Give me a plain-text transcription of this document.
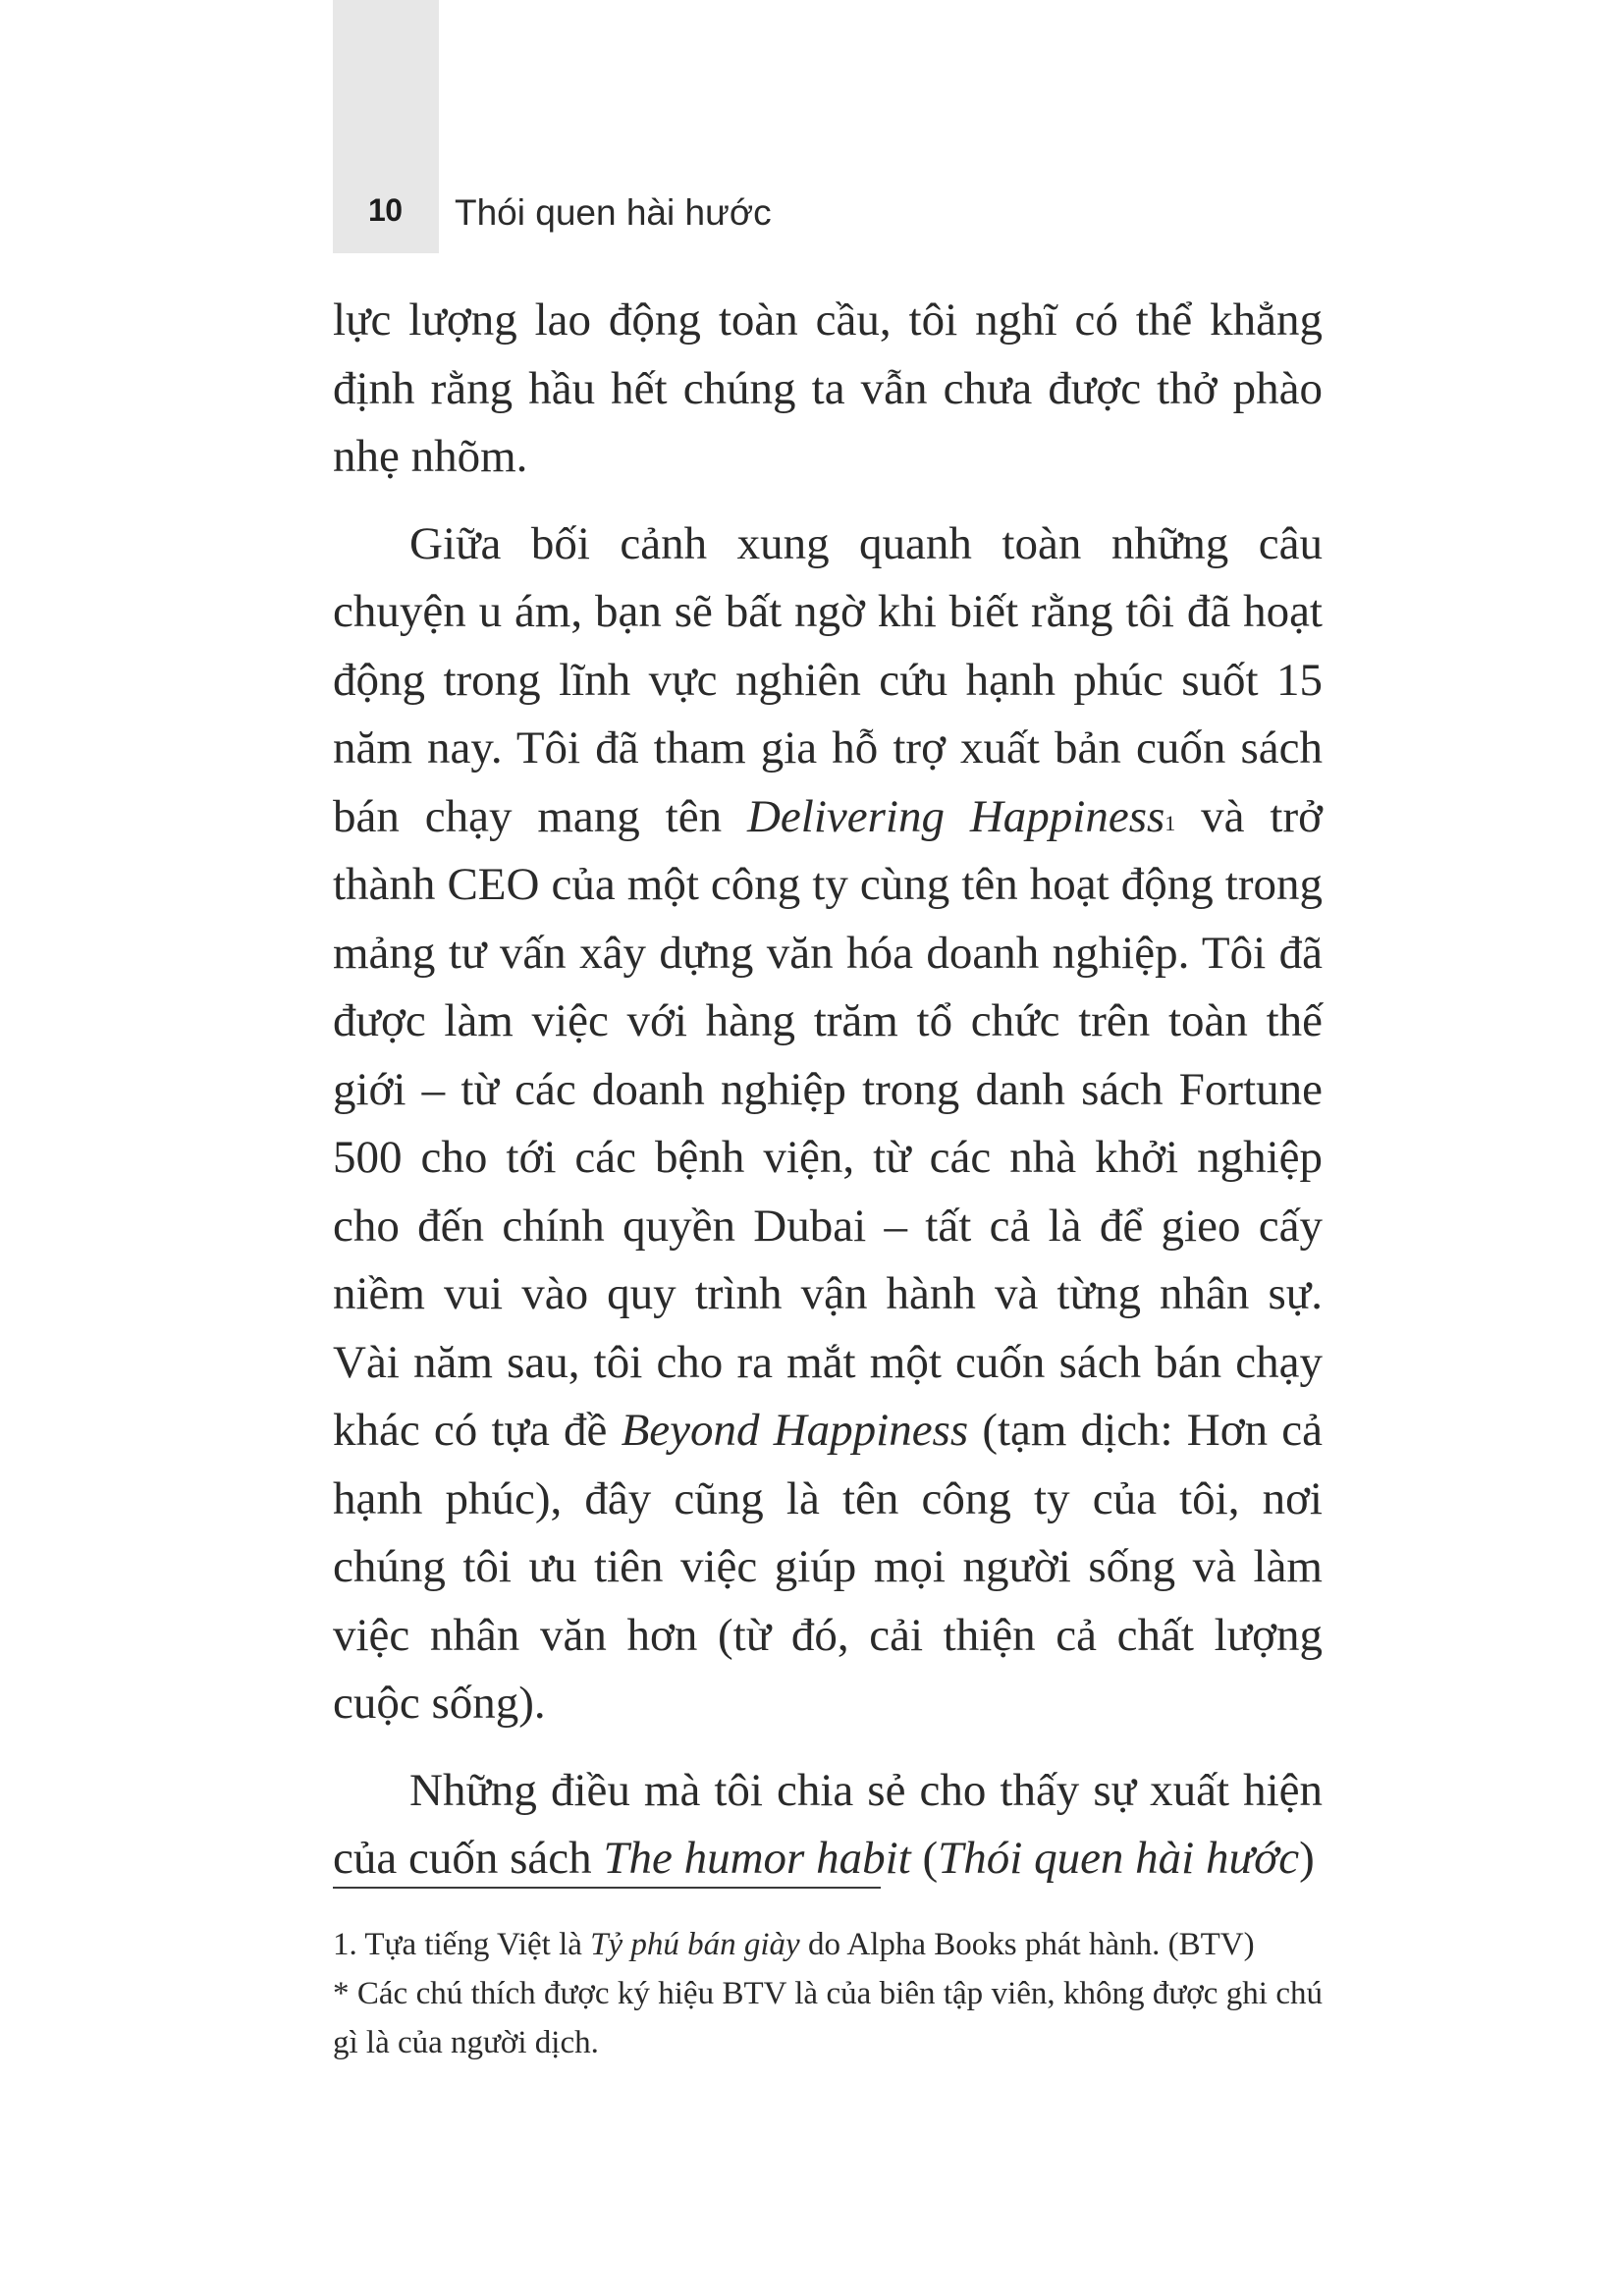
10 Thói quen hài hước

lực lượng lao động toàn cầu, tôi nghĩ có thể khẳng định rằng hầu hết chúng ta vẫn chưa được thở phào nhẹ nhõm.

Giữa bối cảnh xung quanh toàn những câu chuyện u ám, bạn sẽ bất ngờ khi biết rằng tôi đã hoạt động trong lĩnh vực nghiên cứu hạnh phúc suốt 15 năm nay. Tôi đã tham gia hỗ trợ xuất bản cuốn sách bán chạy mang tên Delivering Happiness$^1$ và trở thành CEO của một công ty cùng tên hoạt động trong mảng tư vấn xây dựng văn hóa doanh nghiệp. Tôi đã được làm việc với hàng trăm tổ chức trên toàn thế giới – từ các doanh nghiệp trong danh sách Fortune 500 cho tới các bệnh viện, từ các nhà khởi nghiệp cho đến chính quyền Dubai – tất cả là để gieo cấy niềm vui vào quy trình vận hành và từng nhân sự. Vài năm sau, tôi cho ra mắt một cuốn sách bán chạy khác có tựa đề Beyond Happiness (tạm dịch: Hơn cả hạnh phúc), đây cũng là tên công ty của tôi, nơi chúng tôi ưu tiên việc giúp mọi người sống và làm việc nhân văn hơn (từ đó, cải thiện cả chất lượng cuộc sống).

Những điều mà tôi chia sẻ cho thấy sự xuất hiện của cuốn sách The humor habit (Thói quen hài hước)

1. Tựa tiếng Việt là Tỷ phú bán giày do Alpha Books phát hành. (BTV)

* Các chú thích được ký hiệu BTV là của biên tập viên, không được ghi chú gì là của người dịch.
